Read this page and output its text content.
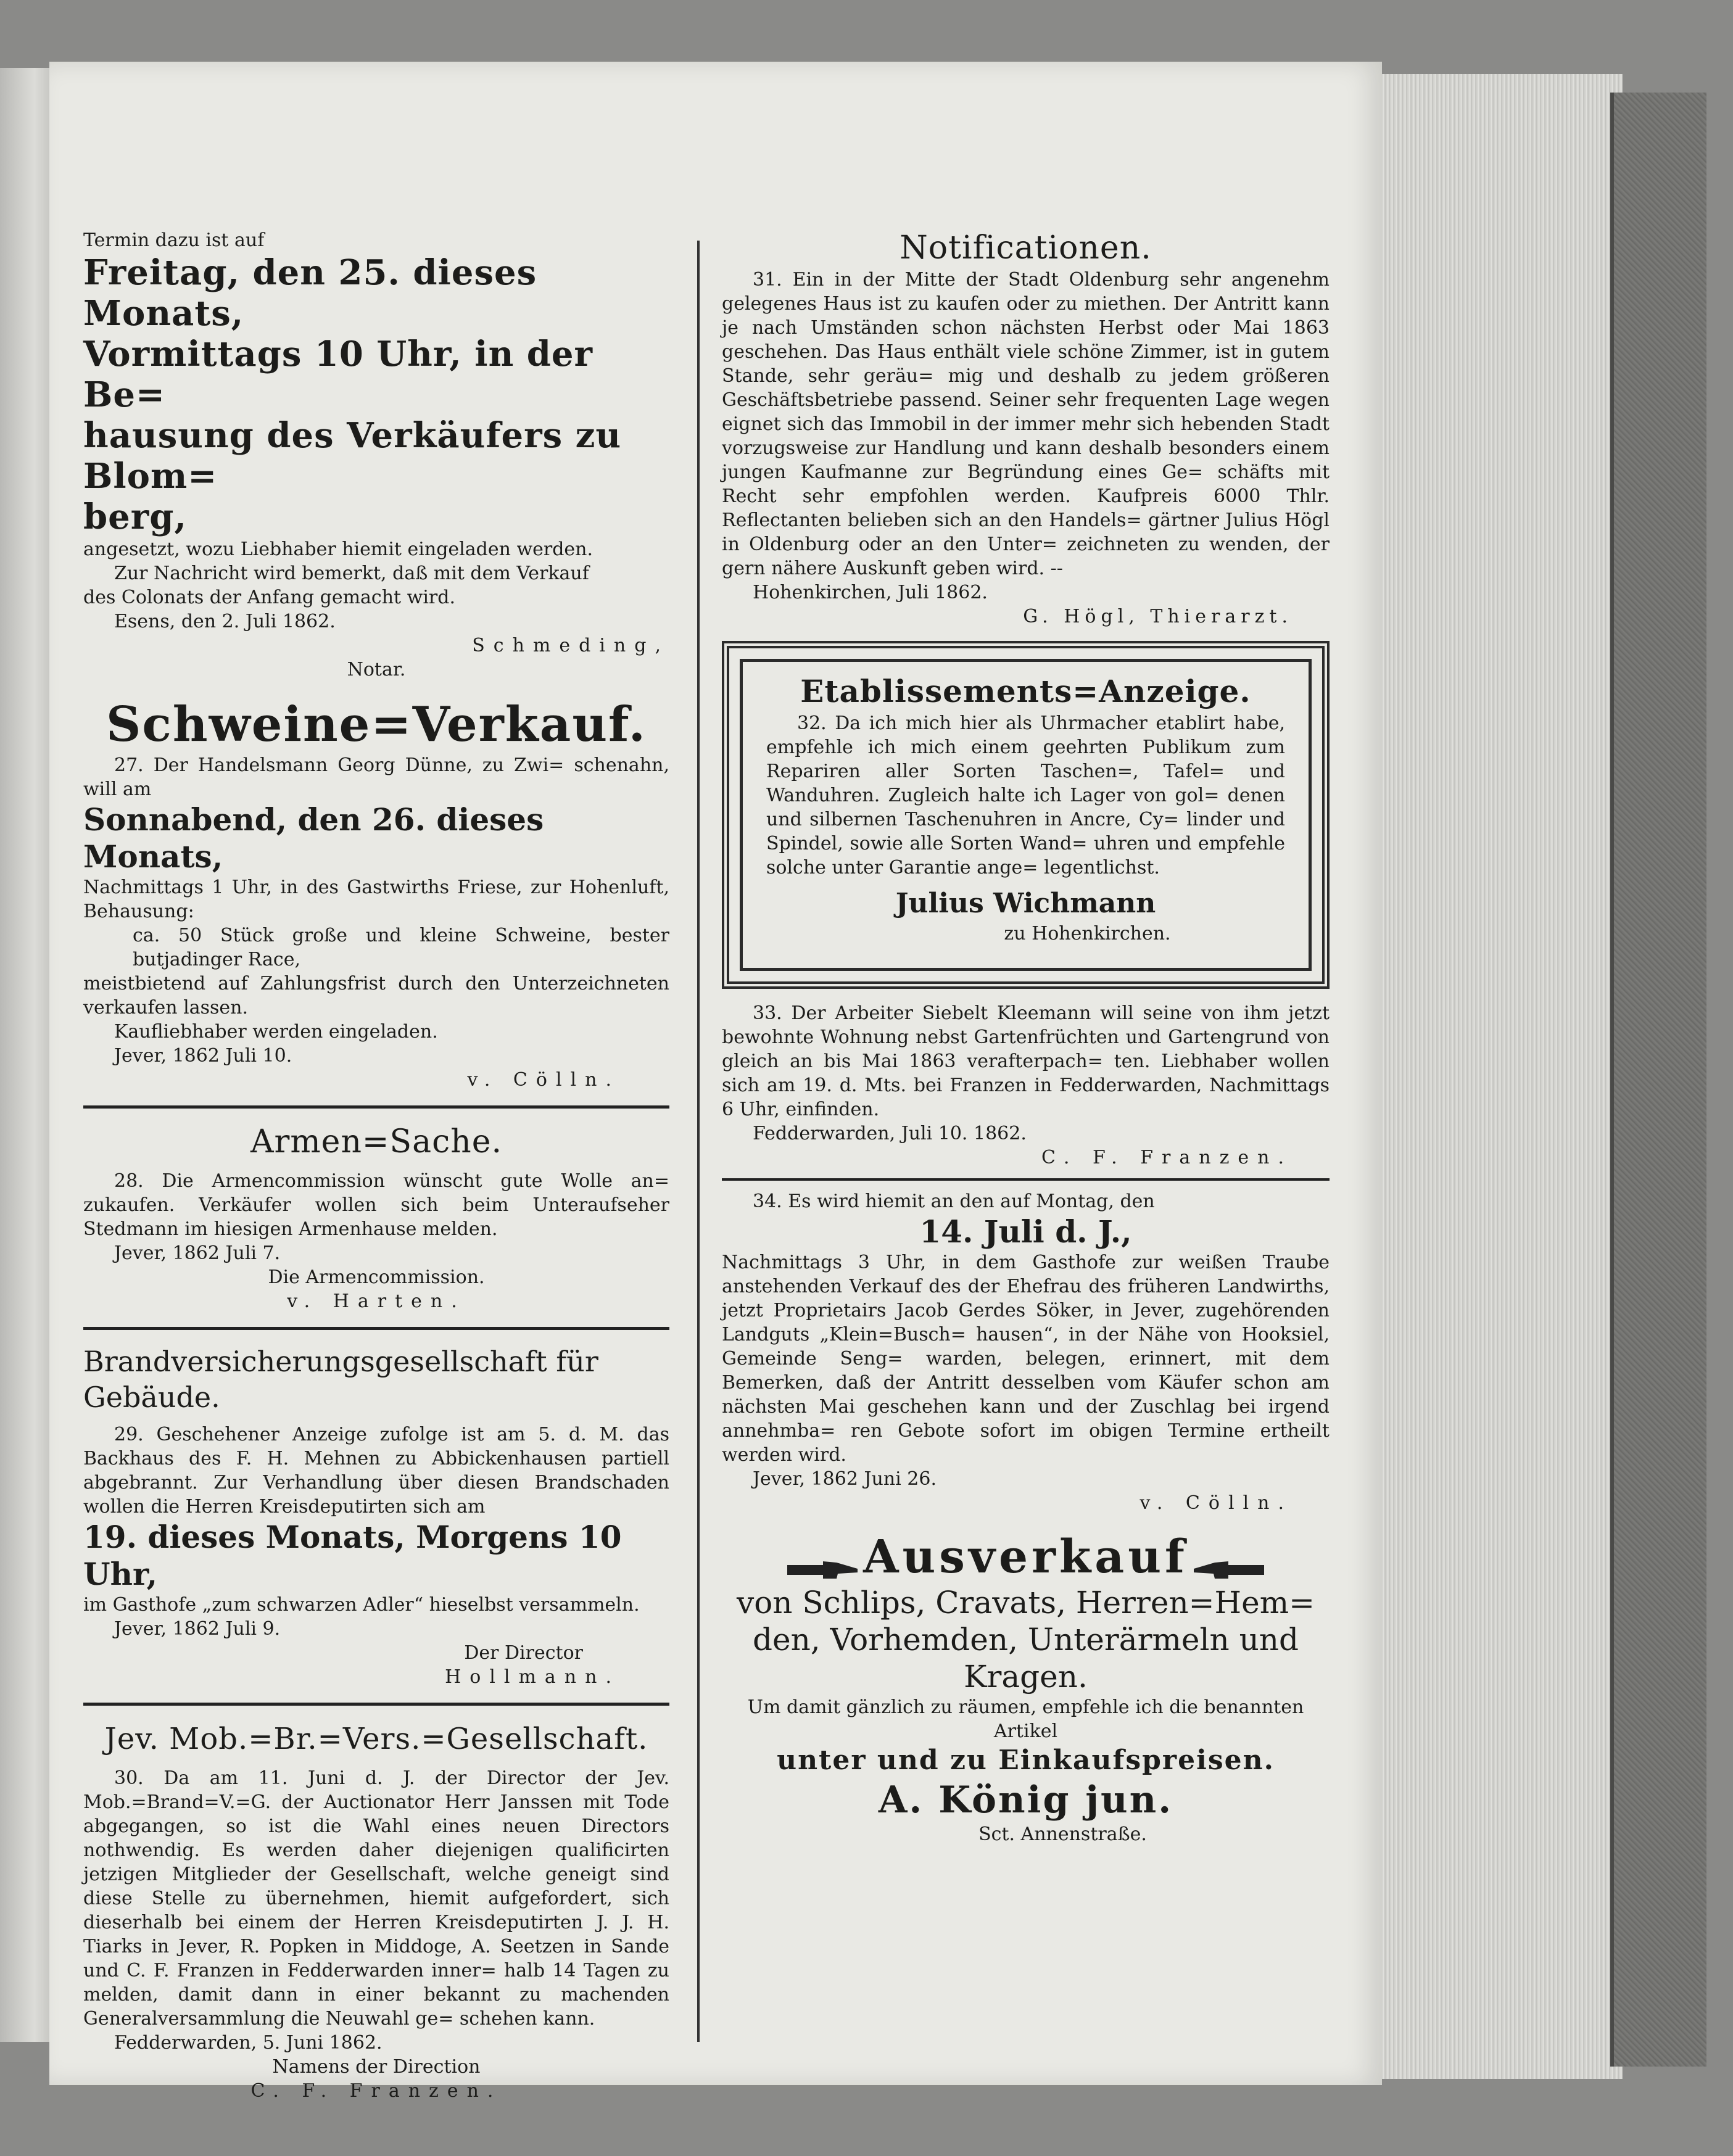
Termin dazu ist auf

Freitag, den 25. dieses Monats,

Vormittags 10 Uhr, in der Be=

hausung des Verkäufers zu Blom=

berg,

angesetzt, wozu Liebhaber hiemit eingeladen werden.

Zur Nachricht wird bemerkt, daß mit dem Verkauf

des Colonats der Anfang gemacht wird.

Esens, den 2. Juli 1862.

Schmeding,

Notar.

Schweine=Verkauf.

27. Der Handelsmann Georg Dünne, zu Zwi= schenahn, will am

Sonnabend, den 26. dieses Monats,

Nachmittags 1 Uhr, in des Gastwirths Friese, zur Hohenluft, Behausung:

ca. 50 Stück große und kleine Schweine, bester butjadinger Race,

meistbietend auf Zahlungsfrist durch den Unterzeichneten verkaufen lassen.

Kaufliebhaber werden eingeladen.

Jever, 1862 Juli 10.

v. Cölln.

Armen=Sache.

28. Die Armencommission wünscht gute Wolle an= zukaufen. Verkäufer wollen sich beim Unteraufseher Stedmann im hiesigen Armenhause melden.

Jever, 1862 Juli 7.

Die Armencommission.

v. Harten.

Brandversicherungsgesellschaft für Gebäude.

29. Geschehener Anzeige zufolge ist am 5. d. M. das Backhaus des F. H. Mehnen zu Abbickenhausen partiell abgebrannt. Zur Verhandlung über diesen Brandschaden wollen die Herren Kreisdeputirten sich am

19. dieses Monats, Morgens 10 Uhr,

im Gasthofe „zum schwarzen Adler“ hieselbst versammeln.

Jever, 1862 Juli 9.

Der Director

Hollmann.

Jev. Mob.=Br.=Vers.=Gesellschaft.

30. Da am 11. Juni d. J. der Director der Jev. Mob.=Brand=V.=G. der Auctionator Herr Janssen mit Tode abgegangen, so ist die Wahl eines neuen Directors nothwendig. Es werden daher diejenigen qualificirten jetzigen Mitglieder der Gesellschaft, welche geneigt sind diese Stelle zu übernehmen, hiemit aufgefordert, sich dieserhalb bei einem der Herren Kreisdeputirten J. J. H. Tiarks in Jever, R. Popken in Middoge, A. Seetzen in Sande und C. F. Franzen in Fedderwarden inner= halb 14 Tagen zu melden, damit dann in einer bekannt zu machenden Generalversammlung die Neuwahl ge= schehen kann.

Fedderwarden, 5. Juni 1862.

Namens der Direction

C. F. Franzen.

Notificationen.

31. Ein in der Mitte der Stadt Oldenburg sehr angenehm gelegenes Haus ist zu kaufen oder zu miethen. Der Antritt kann je nach Umständen schon nächsten Herbst oder Mai 1863 geschehen. Das Haus enthält viele schöne Zimmer, ist in gutem Stande, sehr geräu= mig und deshalb zu jedem größeren Geschäftsbetriebe passend. Seiner sehr frequenten Lage wegen eignet sich das Immobil in der immer mehr sich hebenden Stadt vorzugsweise zur Handlung und kann deshalb besonders einem jungen Kaufmanne zur Begründung eines Ge= schäfts mit Recht sehr empfohlen werden. Kaufpreis 6000 Thlr. Reflectanten belieben sich an den Handels= gärtner Julius Högl in Oldenburg oder an den Unter= zeichneten zu wenden, der gern nähere Auskunft geben wird. --

Hohenkirchen, Juli 1862.

G. Högl, Thierarzt.

Etablissements=Anzeige.

32. Da ich mich hier als Uhrmacher etablirt habe, empfehle ich mich einem geehrten Publikum zum Repariren aller Sorten Taschen=, Tafel= und Wanduhren. Zugleich halte ich Lager von gol= denen und silbernen Taschenuhren in Ancre, Cy= linder und Spindel, sowie alle Sorten Wand= uhren und empfehle solche unter Garantie ange= legentlichst.

Julius Wichmann

zu Hohenkirchen.

33. Der Arbeiter Siebelt Kleemann will seine von ihm jetzt bewohnte Wohnung nebst Gartenfrüchten und Gartengrund von gleich an bis Mai 1863 verafterpach= ten. Liebhaber wollen sich am 19. d. Mts. bei Franzen in Fedderwarden, Nachmittags 6 Uhr, einfinden.

Fedderwarden, Juli 10. 1862.

C. F. Franzen.

34. Es wird hiemit an den auf Montag, den

14. Juli d. J.,

Nachmittags 3 Uhr, in dem Gasthofe zur weißen Traube anstehenden Verkauf des der Ehefrau des früheren Landwirths, jetzt Proprietairs Jacob Gerdes Söker, in Jever, zugehörenden Landguts „Klein=Busch= hausen“, in der Nähe von Hooksiel, Gemeinde Seng= warden, belegen, erinnert, mit dem Bemerken, daß der Antritt desselben vom Käufer schon am nächsten Mai geschehen kann und der Zuschlag bei irgend annehmba= ren Gebote sofort im obigen Termine ertheilt werden wird.

Jever, 1862 Juni 26.

v. Cölln.

Ausverkauf

von Schlips, Cravats, Herren=Hem=

den, Vorhemden, Unterärmeln und

Kragen.

Um damit gänzlich zu räumen, empfehle ich die benannten Artikel

unter und zu Einkaufspreisen.

A. König jun.

Sct. Annenstraße.
